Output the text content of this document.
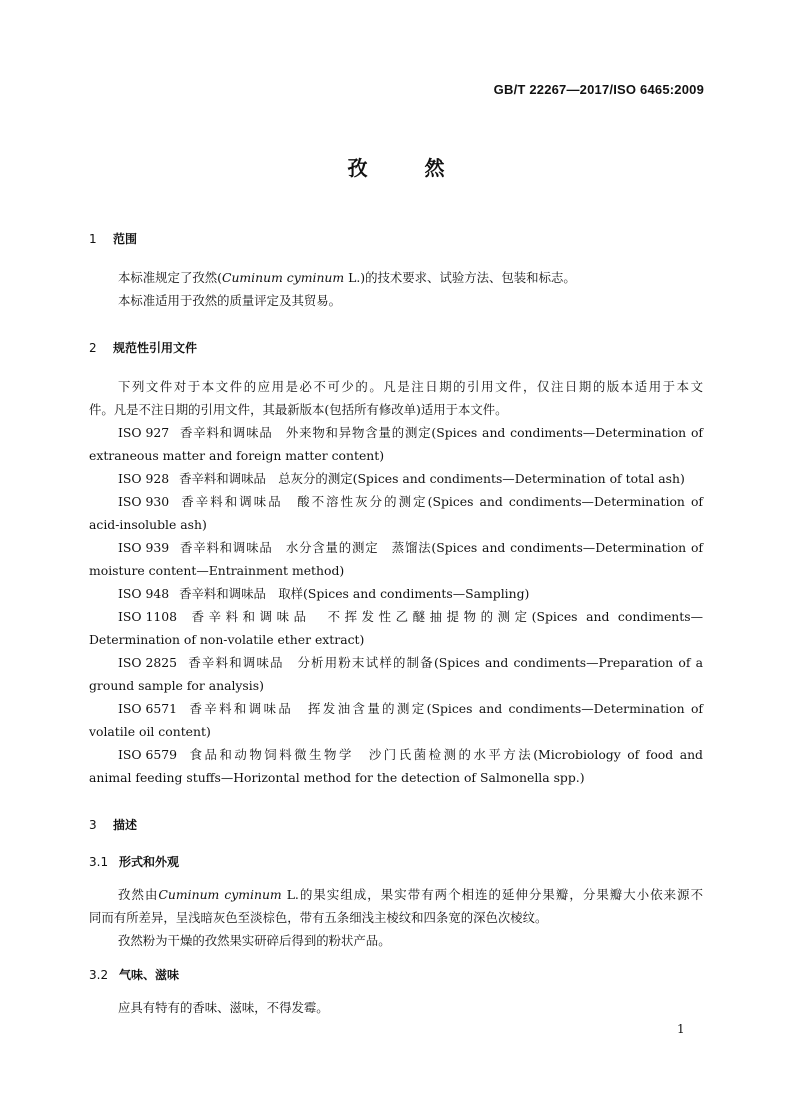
GB/T 22267—2017/ISO 6465:2009
孜 然
1 范围
本标准规定了孜然(Cuminum cyminum L.)的技术要求、试验方法、包装和标志。
本标准适用于孜然的质量评定及其贸易。
2 规范性引用文件
下列文件对于本文件的应用是必不可少的。凡是注日期的引用文件，仅注日期的版本适用于本文
件。凡是不注日期的引用文件，其最新版本(包括所有修改单)适用于本文件。
ISO 927 香辛料和调味品　外来物和异物含量的测定(Spices and condiments—Determination of
extraneous matter and foreign matter content)
ISO 928 香辛料和调味品　总灰分的测定(Spices and condiments—Determination of total ash)
ISO 930 香辛料和调味品　酸不溶性灰分的测定(Spices and condiments—Determination of
acid-insoluble ash)
ISO 939 香辛料和调味品　水分含量的测定　蒸馏法(Spices and condiments—Determination of
moisture content—Entrainment method)
ISO 948 香辛料和调味品　取样(Spices and condiments—Sampling)
ISO 1108 香辛料和调味品　不挥发性乙醚抽提物的测定(Spices and condiments—
Determination of non-volatile ether extract)
ISO 2825 香辛料和调味品　分析用粉末试样的制备(Spices and condiments—Preparation of a
ground sample for analysis)
ISO 6571 香辛料和调味品　挥发油含量的测定(Spices and condiments—Determination of
volatile oil content)
ISO 6579 食品和动物饲料微生物学　沙门氏菌检测的水平方法(Microbiology of food and
animal feeding stuffs—Horizontal method for the detection of Salmonella spp.)
3 描述
3.1 形式和外观
孜然由Cuminum cyminum L.的果实组成，果实带有两个相连的延伸分果瓣，分果瓣大小依来源不
同而有所差异，呈浅暗灰色至淡棕色，带有五条细浅主棱纹和四条宽的深色次棱纹。
孜然粉为干燥的孜然果实研碎后得到的粉状产品。
3.2 气味、滋味
应具有特有的香味、滋味，不得发霉。
1
